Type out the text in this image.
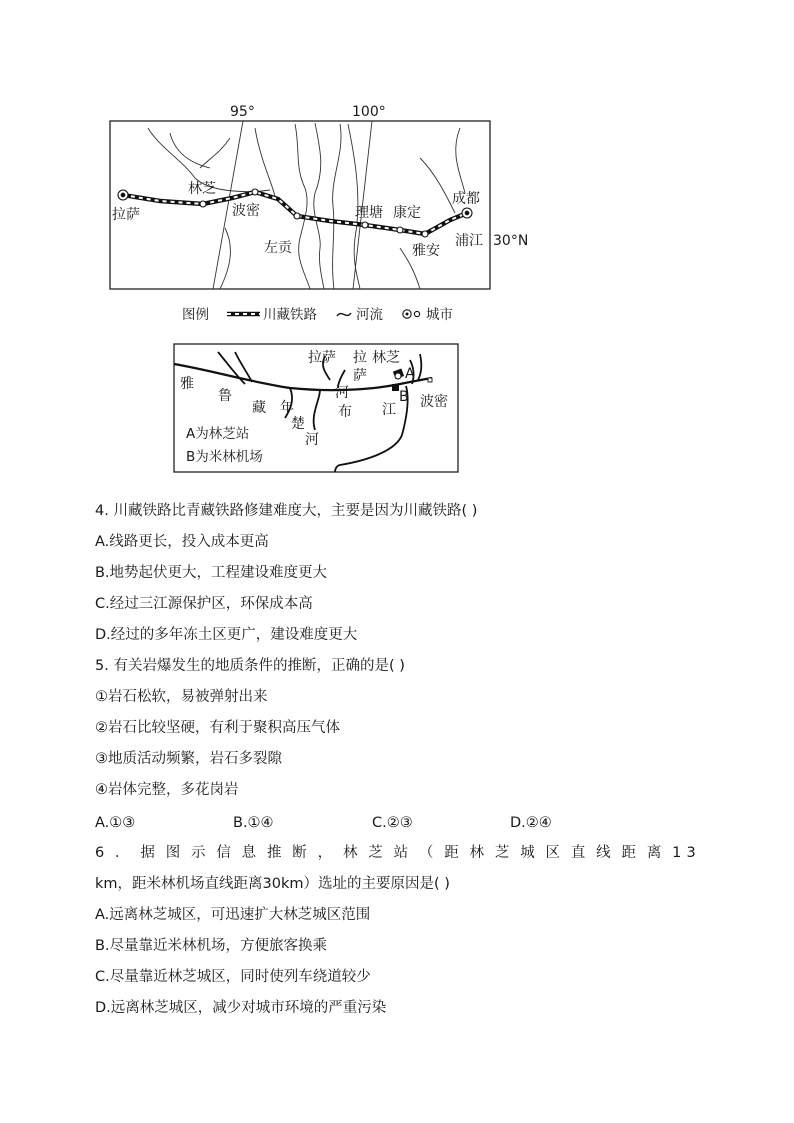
95°	100°
拉萨
林芝
波密
左贡
理塘 康定
成都
雅安
浦江 30°N
图例	川藏铁路	河流	城市
拉萨 拉
萨
河
布
林芝
A
B
江 波密
雅
鲁
藏 年
楚
河
A为林芝站
B为米林机场
4. 川藏铁路比青藏铁路修建难度大，主要是因为川藏铁路( )
A.线路更长，投入成本更高
B.地势起伏更大，工程建设难度更大
C.经过三江源保护区，环保成本高
D.经过的多年冻土区更广，建设难度更大
5. 有关岩爆发生的地质条件的推断，正确的是( )
①岩石松软，易被弹射出来
②岩石比较坚硬，有利于聚积高压气体
③地质活动频繁，岩石多裂隙
④岩体完整，多花岗岩
A.①③	B.①④	C.②③	D.②④
6．据图示信息推断，林芝站（距林芝城区直线距离13
km，距米林机场直线距离30km）选址的主要原因是( )
A.远离林芝城区，可迅速扩大林芝城区范围
B.尽量靠近米林机场，方便旅客换乘
C.尽量靠近林芝城区，同时使列车绕道较少
D.远离林芝城区，减少对城市环境的严重污染
